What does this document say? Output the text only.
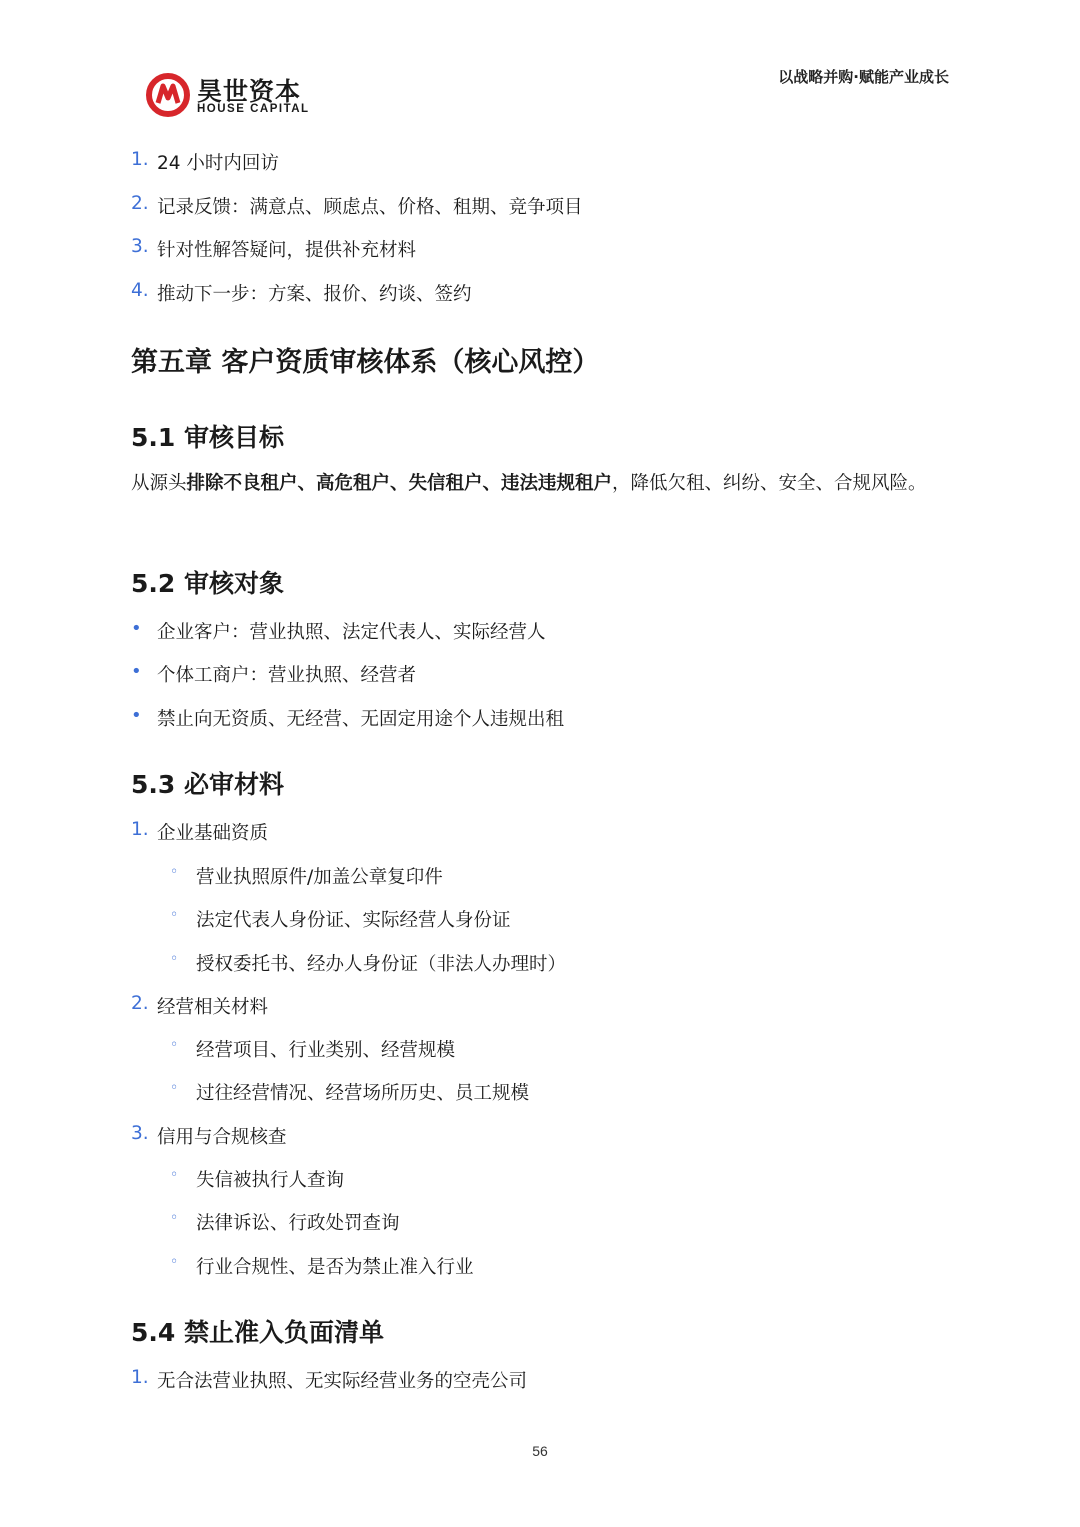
昊世资本
HOUSE CAPITAL
以战略并购·赋能产业成长
1. 24 小时内回访
2. 记录反馈：满意点、顾虑点、价格、租期、竞争项目
3. 针对性解答疑问，提供补充材料
4. 推动下一步：方案、报价、约谈、签约
第五章 客户资质审核体系（核心风控）
5.1 审核目标
从源头排除不良租户、高危租户、失信租户、违法违规租户，降低欠租、纠纷、安全、合规风险。
5.2 审核对象
• 企业客户：营业执照、法定代表人、实际经营人
• 个体工商户：营业执照、经营者
• 禁止向无资质、无经营、无固定用途个人违规出租
5.3 必审材料
1. 企业基础资质
◦ 营业执照原件/加盖公章复印件
◦ 法定代表人身份证、实际经营人身份证
◦ 授权委托书、经办人身份证（非法人办理时）
2. 经营相关材料
◦ 经营项目、行业类别、经营规模
◦ 过往经营情况、经营场所历史、员工规模
3. 信用与合规核查
◦ 失信被执行人查询
◦ 法律诉讼、行政处罚查询
◦ 行业合规性、是否为禁止准入行业
5.4 禁止准入负面清单
1. 无合法营业执照、无实际经营业务的空壳公司
56
